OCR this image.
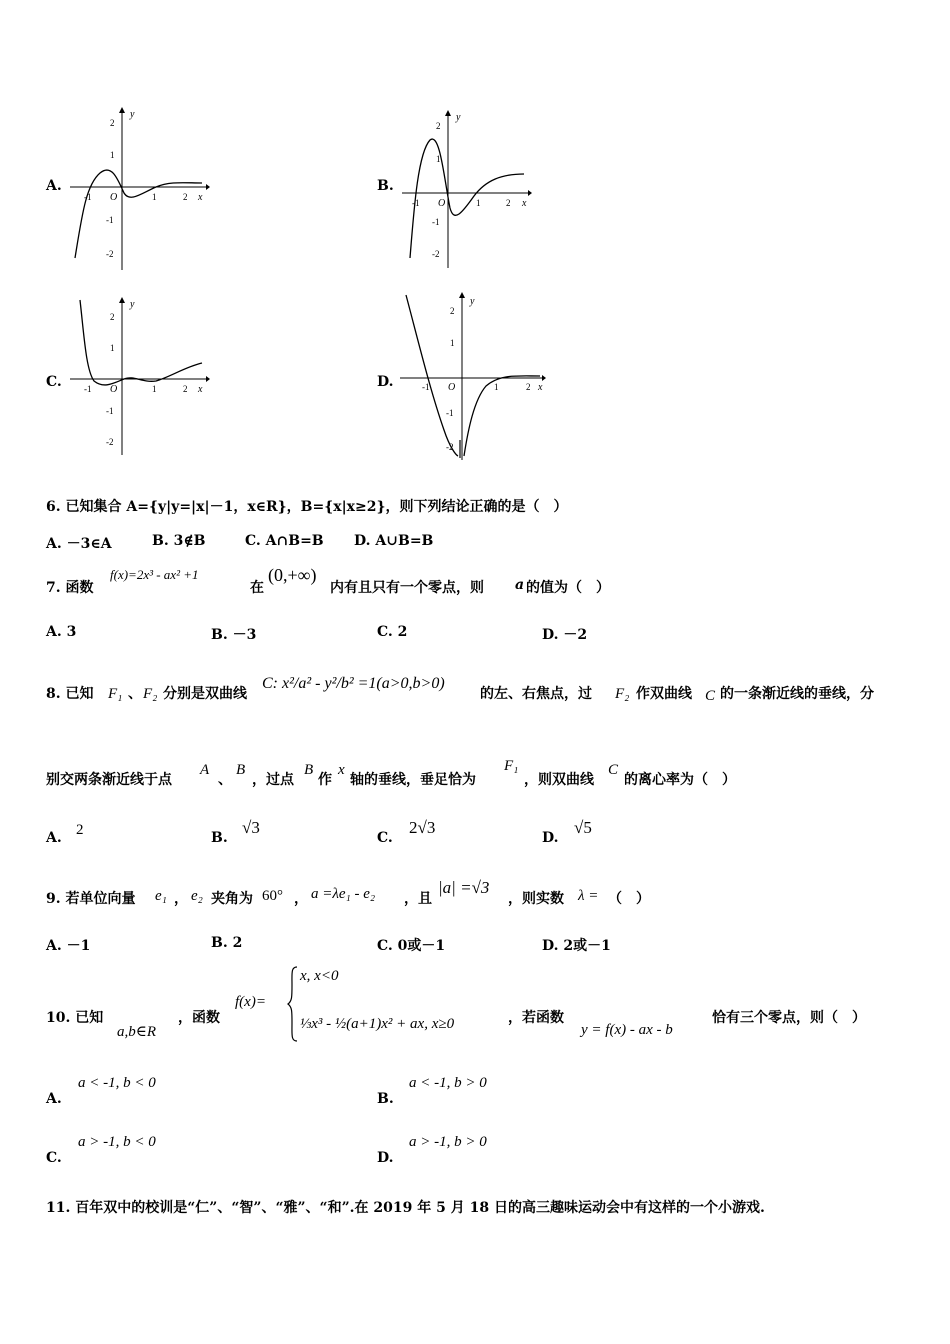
A.
y
x
O
2
1
-1
-2
-1	1	2
B.
y
x
O
2
1
-1
-2
-1	1	2
C.
y
x
O
2
1
-1
-2
-1	1	2	D.
y
x
O
2
1
-1
-2
-1	1	2
6. 已知集合 A={y|y=|x|－1，x∈R}，B={x|x≥2}，则下列结论正确的是（　）
A. －3∈A	B. 3∉B	C. A∩B=B D. A∪B=B
7. 函数
f(x)=2x³ - ax² +1
在
(0,+∞)
内有且只有一个零点，则 a 的值为（　）
A. 3	B. －3	C. 2	D. －2
8. 已知 F₁ 、 F₂ 分别是双曲线
C: x²/a² - y²/b² =1(a>0,b>0)
的左、右焦点，过 F₂ 作双曲线 C 的一条渐近线的垂线，分
别交两条渐近线于点
A
、
B
，过点
B
作
x
轴的垂线，垂足恰为
F₁
，则双曲线
C
的离心率为（　）
A. 2	B.
√3
C.
2√3
D.
√5
9. 若单位向量 e₁ ， e₂ 夹角为 60° ， a =λe₁ - e₂ ，且
|a| =√3
，则实数 λ = （　）
A. －1	B. 2	C. 0或－1	D. 2或－1
10. 已知
a,b∈R
，函数
f(x)=
x, x<0
⅓x³ - ½(a+1)x² + ax, x≥0	，若函数
y = f(x) - ax - b
恰有三个零点，则（　）
A.
a < -1, b < 0
B.
a < -1, b > 0
C.
a > -1, b < 0
D.
a > -1, b > 0
11. 百年双中的校训是“仁”、“智”、“雅”、“和”.在 2019 年 5 月 18 日的高三趣味运动会中有这样的一个小游戏.
